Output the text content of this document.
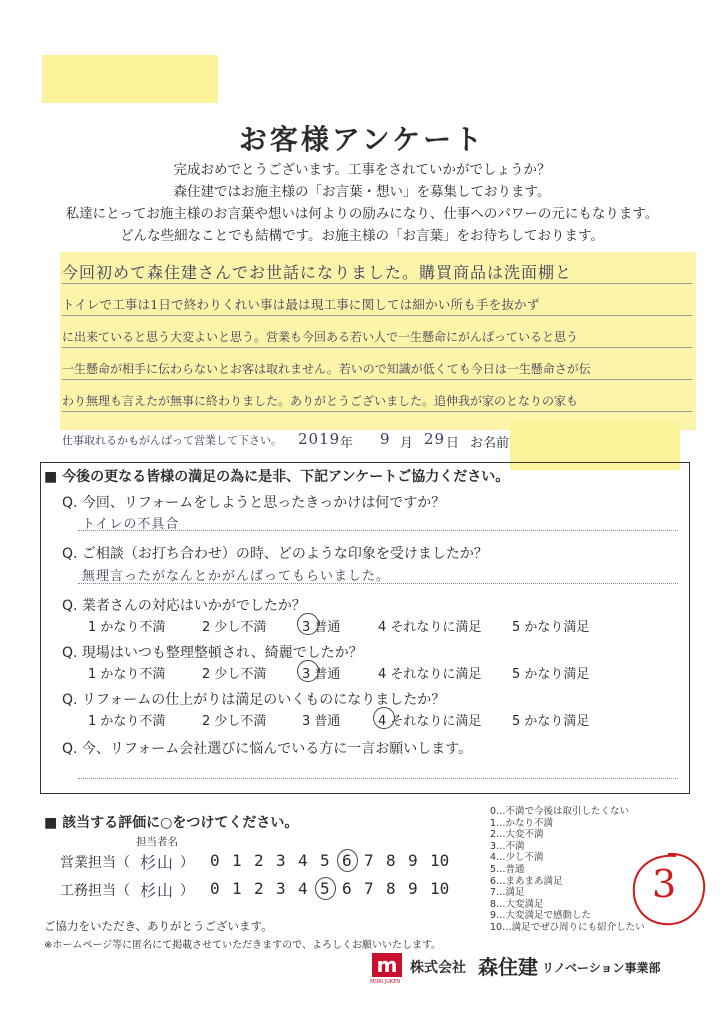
お客様アンケート
完成おめでとうございます。工事をされていかがでしょうか？
森住建ではお施主様の「お言葉・想い」を募集しております。
私達にとってお施主様のお言葉や想いは何よりの励みになり、仕事へのパワーの元にもなります。
どんな些細なことでも結構です。お施主様の「お言葉」をお待ちしております。
今回初めて森住建さんでお世話になりました。購買商品は洗面棚と
$_{トイレで工事は1日で終わりくれい事は最は現工事に関しては細かい所も手を抜かず}$
$_{に出来ていると思う大変よいと思う。営業も今回ある若い人で一生懸命にがんばっていると思う}$
$_{一生懸命が相手に伝わらないとお客は取れません。若いので知識が低くても今日は一生懸命さが伝}$
$_{わり無理も言えたが無事に終わりました。ありがとうございました。追伸我が家のとなりの家も}$
仕事取れるかもがんばって営業して下さい。 2019 年 9 月 29 日 お名前
■ 今後の更なる皆様の満足の為に是非、下記アンケートご協力ください。
Q. 今回、リフォームをしようと思ったきっかけは何ですか？
トイレの不具合
Q. ご相談（お打ち合わせ）の時、どのような印象を受けましたか？
無理言ったがなんとかがんばってもらいました。
Q. 業者さんの対応はいかがでしたか？
1 かなり不満	2 少し不満	3 普通	4 それなりに満足 5 かなり満足
Q. 現場はいつも整理整頓され、綺麗でしたか？
1 かなり不満	2 少し不満	3 普通	4 それなりに満足 5 かなり満足
Q. リフォームの仕上がりは満足のいくものになりましたか？
1 かなり不満	2 少し不満	3 普通	4 それなりに満足 5 かなり満足
Q. 今、リフォーム会社選びに悩んでいる方に一言お願いします。
■ 該当する評価に○をつけてください。
担当者名
営業担当（ 杉山 ） 0 1 2 3 4 5 6 7 8 9 10
工務担当（ 杉山 ） 0 1 2 3 4 5 6 7 8 9 10
0…不満で今後は取引したくない
1…かなり不満
2…大変不満
3…不満
4…少し不満
5…普通
6…まあまあ満足
7…満足
8…大変満足
9…大変満足で感動した
10…満足でぜひ周りにも紹介したい
3
ご協力をいただき、ありがとうございます。
※ホームページ等に匿名にて掲載させていただきますので、よろしくお願いいたします。
m
MORI JUKEN
株式会社 森住建 リノベーション事業部
